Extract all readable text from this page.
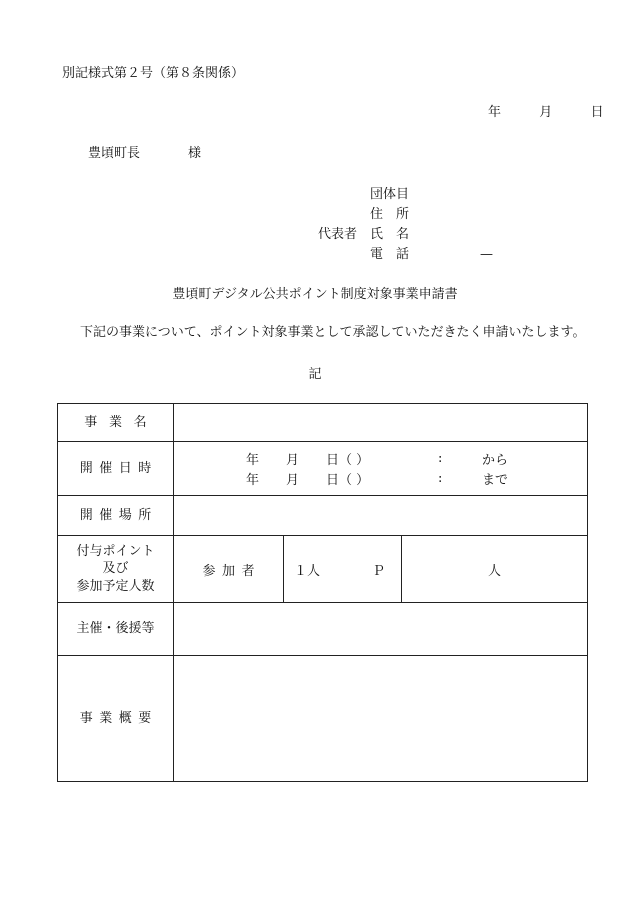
別記様式第２号（第８条関係）
年	月	日
豊頃町長	様
団体目
住　所
代表者 氏　名
電　話	—
豊頃町デジタル公共ポイント制度対象事業申請書
下記の事業について、ポイント対象事業として承認していただきたく申請いたします。
記
事業名	
開催日時	
年	月	日（ ）	:	から
年	月	日（ ）	:	まで

開催場所	

付与ポイント
及び
参加予定人数

参加者	１人	Ｐ	人

主催・後援等	
事業概要	
